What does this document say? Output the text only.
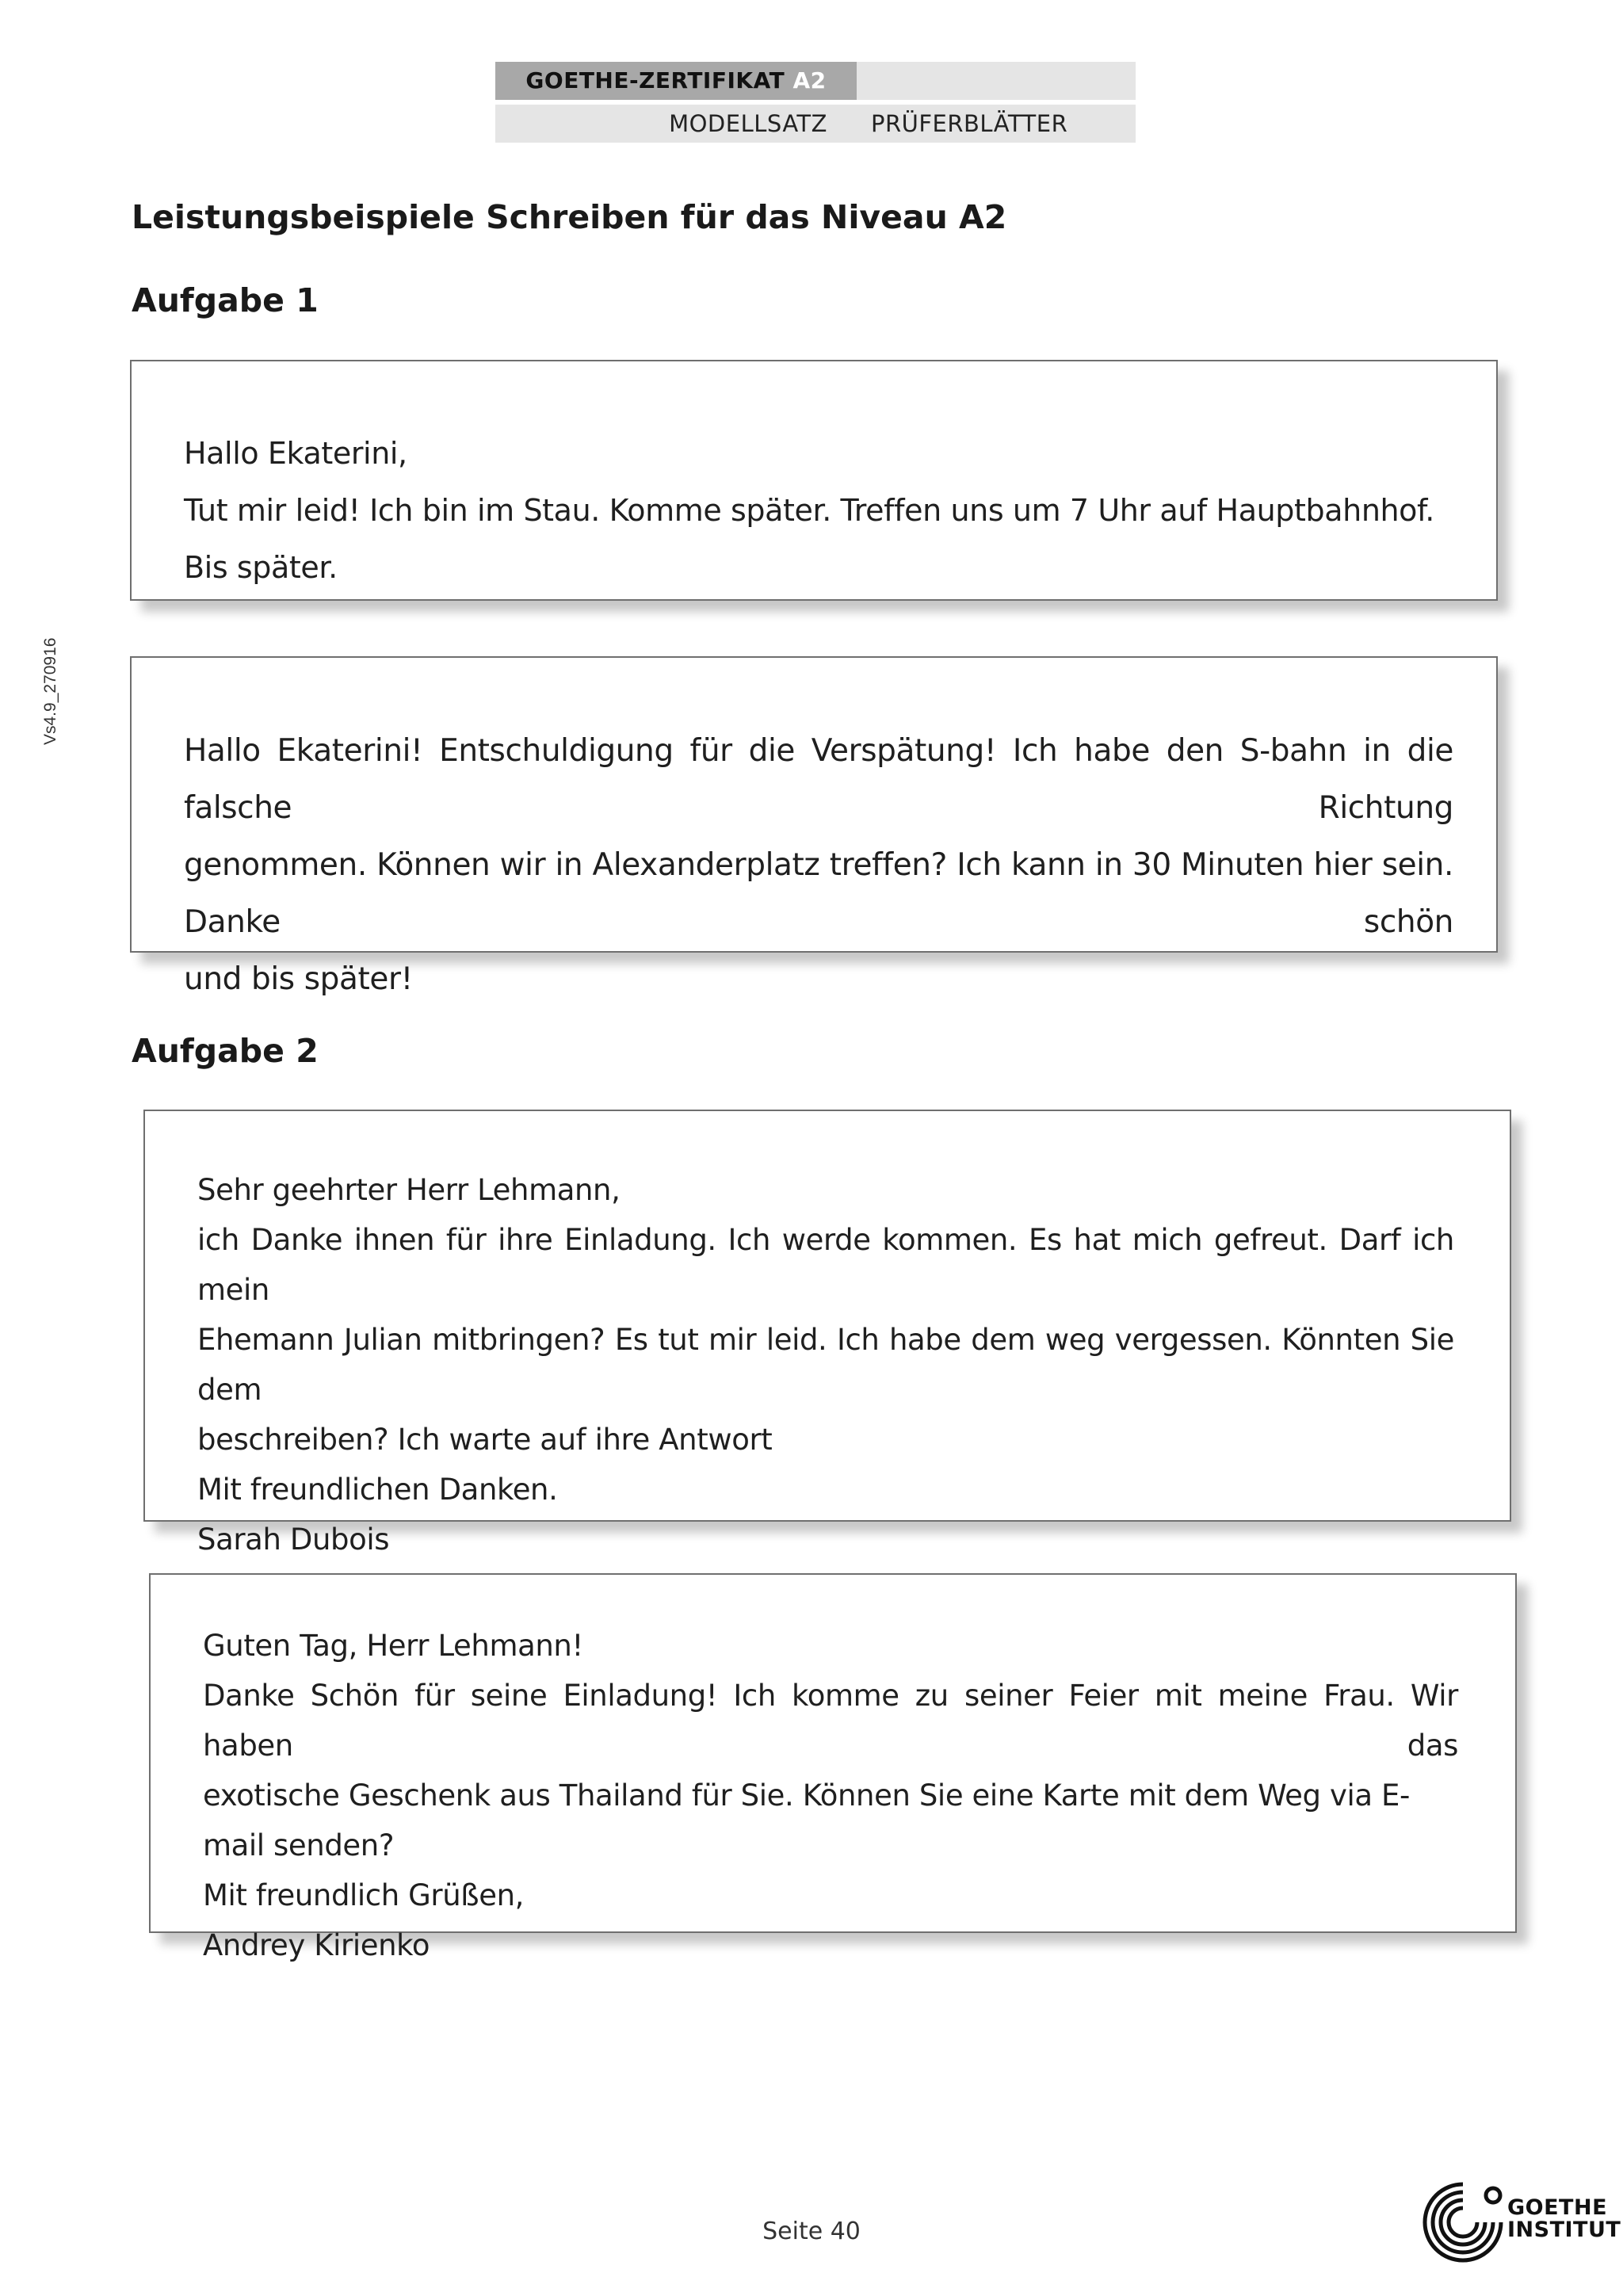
GOETHE-ZERTIFIKAT A2
MODELLSATZ PRÜFERBLÄTTER
Vs4.9_270916
Leistungsbeispiele Schreiben für das Niveau A2
Aufgabe 1
Hallo Ekaterini,
Tut mir leid! Ich bin im Stau. Komme später. Treffen uns um 7 Uhr auf Hauptbahnhof. Bis später.
Hallo Ekaterini! Entschuldigung für die Verspätung! Ich habe den S-bahn in die falsche Richtung
genommen. Können wir in Alexanderplatz treffen? Ich kann in 30 Minuten hier sein. Danke schön
und bis später!
Aufgabe 2
Sehr geehrter Herr Lehmann,
ich Danke ihnen für ihre Einladung. Ich werde kommen. Es hat mich gefreut. Darf ich mein
Ehemann Julian mitbringen? Es tut mir leid. Ich habe dem weg vergessen. Könnten Sie dem
beschreiben? Ich warte auf ihre Antwort
Mit freundlichen Danken.
Sarah Dubois
Guten Tag, Herr Lehmann!
Danke Schön für seine Einladung! Ich komme zu seiner Feier mit meine Frau. Wir haben das
exotische Geschenk aus Thailand für Sie. Können Sie eine Karte mit dem Weg via E-mail senden?
Mit freundlich Grüßen,
Andrey Kirienko
Seite 40
GOETHE
INSTITUT
